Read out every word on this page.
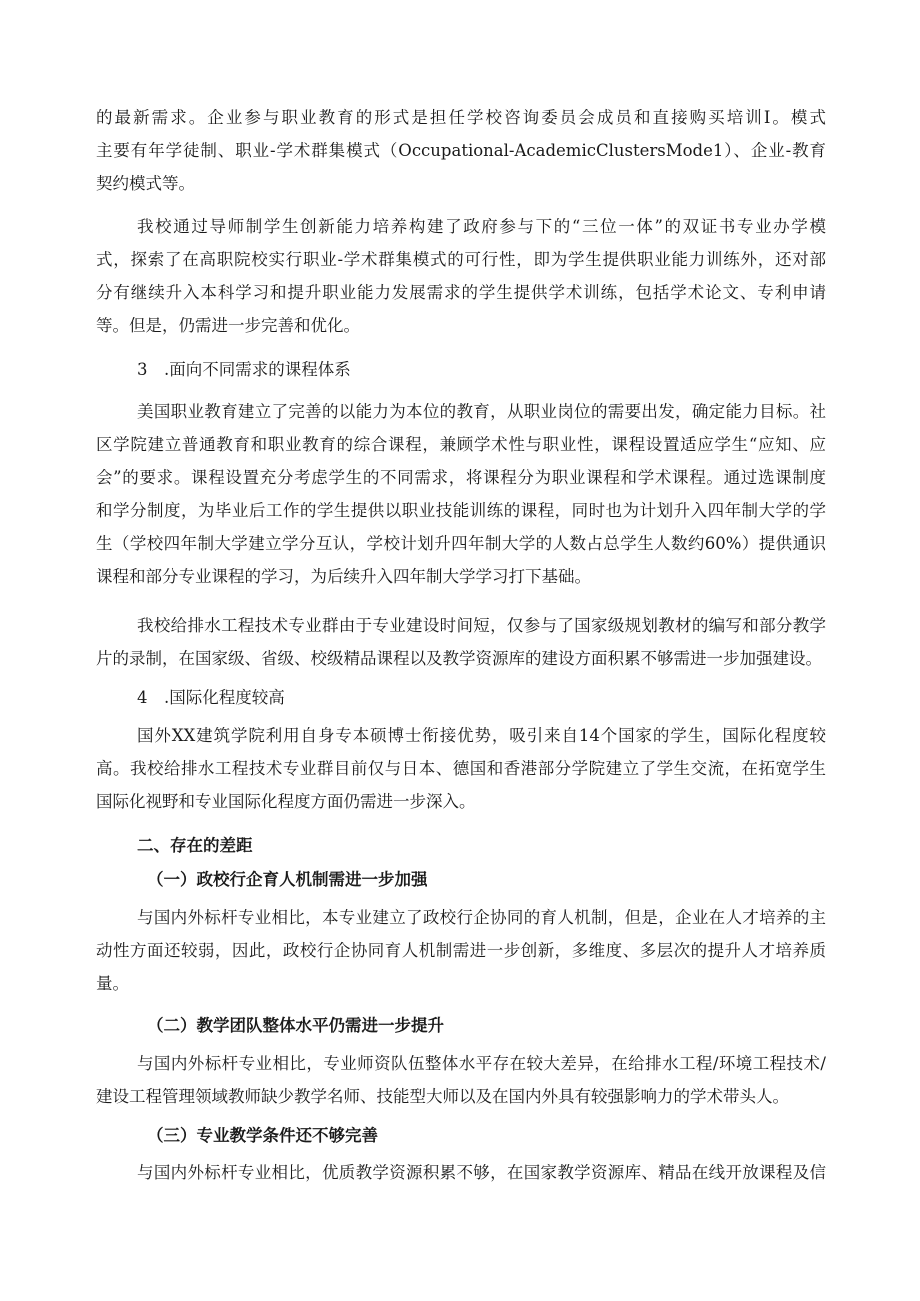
的最新需求。企业参与职业教育的形式是担任学校咨询委员会成员和直接购买培训Ⅰ。模式
主要有年学徒制、职业-学术群集模式（Occupational-AcademicClustersMode1）、企业-教育
契约模式等。
我校通过导师制学生创新能力培养构建了政府参与下的“三位一体”的双证书专业办学模
式，探索了在高职院校实行职业-学术群集模式的可行性，即为学生提供职业能力训练外，还对部
分有继续升入本科学习和提升职业能力发展需求的学生提供学术训练，包括学术论文、专利申请
等。但是，仍需进一步完善和优化。
3　.面向不同需求的课程体系
美国职业教育建立了完善的以能力为本位的教育，从职业岗位的需要出发，确定能力目标。社
区学院建立普通教育和职业教育的综合课程，兼顾学术性与职业性，课程设置适应学生“应知、应
会”的要求。课程设置充分考虑学生的不同需求，将课程分为职业课程和学术课程。通过选课制度
和学分制度，为毕业后工作的学生提供以职业技能训练的课程，同时也为计划升入四年制大学的学
生（学校四年制大学建立学分互认，学校计划升四年制大学的人数占总学生人数约60%）提供通识
课程和部分专业课程的学习，为后续升入四年制大学学习打下基础。
我校给排水工程技术专业群由于专业建设时间短，仅参与了国家级规划教材的编写和部分教学
片的录制，在国家级、省级、校级精品课程以及教学资源库的建设方面积累不够需进一步加强建设。
4　.国际化程度较高
国外XX建筑学院利用自身专本硕博士衔接优势，吸引来自14个国家的学生，国际化程度较
高。我校给排水工程技术专业群目前仅与日本、德国和香港部分学院建立了学生交流，在拓宽学生
国际化视野和专业国际化程度方面仍需进一步深入。
二、存在的差距
（一）政校行企育人机制需进一步加强
与国内外标杆专业相比，本专业建立了政校行企协同的育人机制，但是，企业在人才培养的主
动性方面还较弱，因此，政校行企协同育人机制需进一步创新，多维度、多层次的提升人才培养质
量。
（二）教学团队整体水平仍需进一步提升
与国内外标杆专业相比，专业师资队伍整体水平存在较大差异，在给排水工程/环境工程技术/
建设工程管理领域教师缺少教学名师、技能型大师以及在国内外具有较强影响力的学术带头人。
（三）专业教学条件还不够完善
与国内外标杆专业相比，优质教学资源积累不够，在国家教学资源库、精品在线开放课程及信
